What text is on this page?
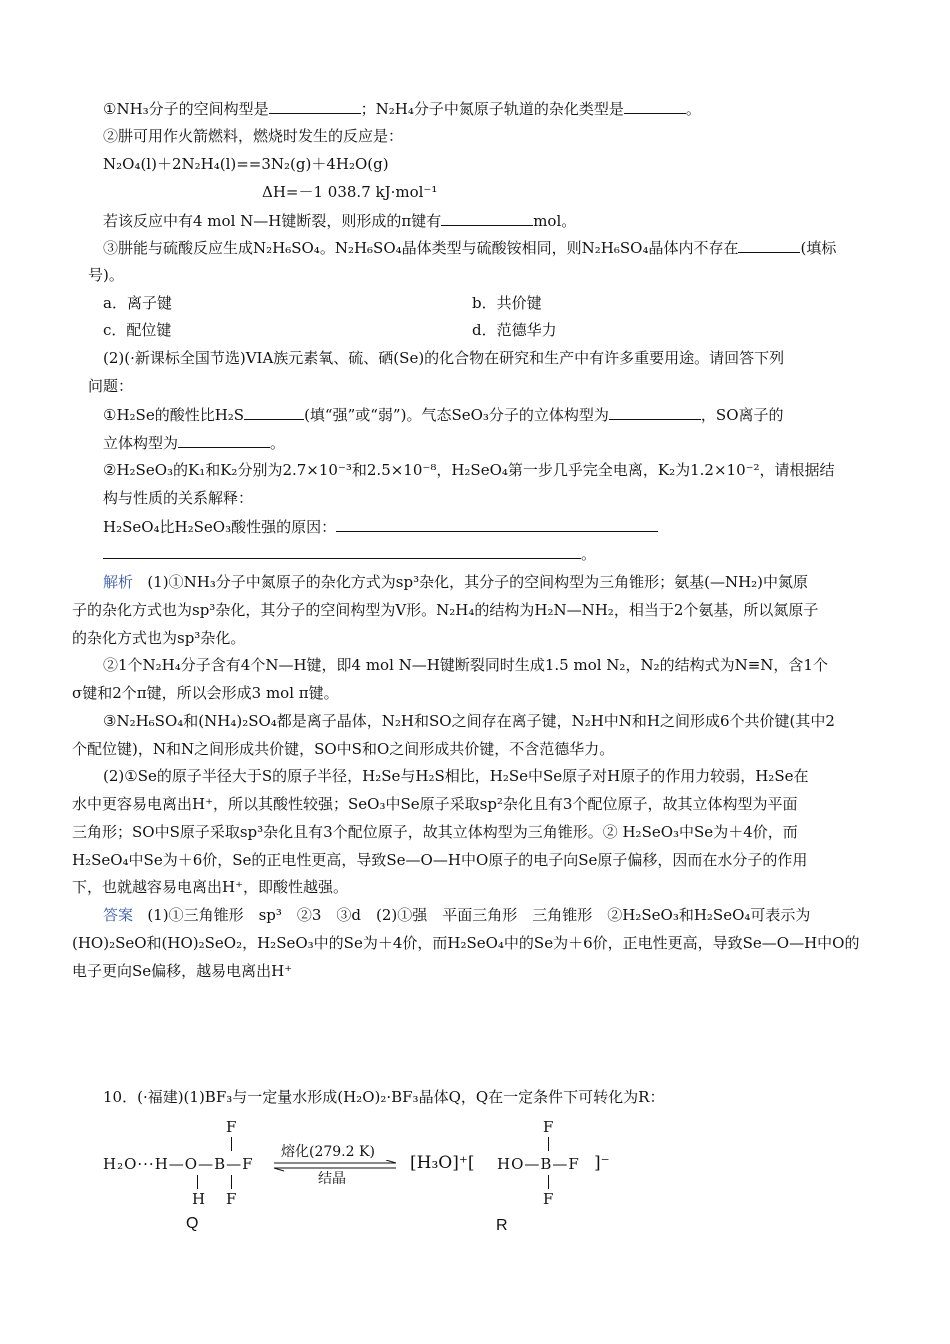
①NH₃分子的空间构型是	；N₂H₄分子中氮原子轨道的杂化类型是	。
②肼可用作火箭燃料，燃烧时发生的反应是：
N₂O₄(l)＋2N₂H₄(l)==3N₂(g)＋4H₂O(g)
ΔH=－1 038.7 kJ·mol⁻¹
若该反应中有4 mol N—H键断裂，则形成的π键有	mol。
③肼能与硫酸反应生成N₂H₆SO₄。N₂H₆SO₄晶体类型与硫酸铵相同，则N₂H₆SO₄晶体内不存在	(填标
号)。
a．离子键	b．共价键
c．配位键	d．范德华力
(2)(·新课标全国节选)VIA族元素氧、硫、硒(Se)的化合物在研究和生产中有许多重要用途。请回答下列
问题：
①H₂Se的酸性比H₂S	(填“强”或“弱”)。气态SeO₃分子的立体构型为	，SO离子的
立体构型为	。
②H₂SeO₃的K₁和K₂分别为2.7×10⁻³和2.5×10⁻⁸，H₂SeO₄第一步几乎完全电离，K₂为1.2×10⁻²，请根据结
构与性质的关系解释：
H₂SeO₄比H₂SeO₃酸性强的原因：
。
解析 (1)①NH₃分子中氮原子的杂化方式为sp³杂化，其分子的空间构型为三角锥形；氨基(—NH₂)中氮原
子的杂化方式也为sp³杂化，其分子的空间构型为V形。N₂H₄的结构为H₂N—NH₂，相当于2个氨基，所以氮原子
的杂化方式也为sp³杂化。
②1个N₂H₄分子含有4个N—H键，即4 mol N—H键断裂同时生成1.5 mol N₂，N₂的结构式为N≡N，含1个
σ键和2个π键，所以会形成3 mol π键。
③N₂H₆SO₄和(NH₄)₂SO₄都是离子晶体，N₂H和SO之间存在离子键，N₂H中N和H之间形成6个共价键(其中2
个配位键)，N和N之间形成共价键，SO中S和O之间形成共价键，不含范德华力。
(2)①Se的原子半径大于S的原子半径，H₂Se与H₂S相比，H₂Se中Se原子对H原子的作用力较弱，H₂Se在
水中更容易电离出H⁺，所以其酸性较强；SeO₃中Se原子采取sp²杂化且有3个配位原子，故其立体构型为平面
三角形；SO中S原子采取sp³杂化且有3个配位原子，故其立体构型为三角锥形。② H₂SeO₃中Se为＋4价，而
H₂SeO₄中Se为＋6价，Se的正电性更高，导致Se—O—H中O原子的电子向Se原子偏移，因而在水分子的作用
下，也就越容易电离出H⁺，即酸性越强。
答案 (1)①三角锥形　sp³　②3　③d　(2)①强　平面三角形　三角锥形　②H₂SeO₃和H₂SeO₄可表示为
(HO)₂SeO和(HO)₂SeO₂，H₂SeO₃中的Se为＋4价，而H₂SeO₄中的Se为＋6价，正电性更高，导致Se—O—H中O的
电子更向Se偏移，越易电离出H⁺
10．(·福建)(1)BF₃与一定量水形成(H₂O)₂·BF₃晶体Q，Q在一定条件下可转化为R：
F
H₂O···H—O—B—F
F
H
熔化(279.2 K)
结晶
[H₃O]⁺[ HO—B—F ]⁻
F
F
Q	R
